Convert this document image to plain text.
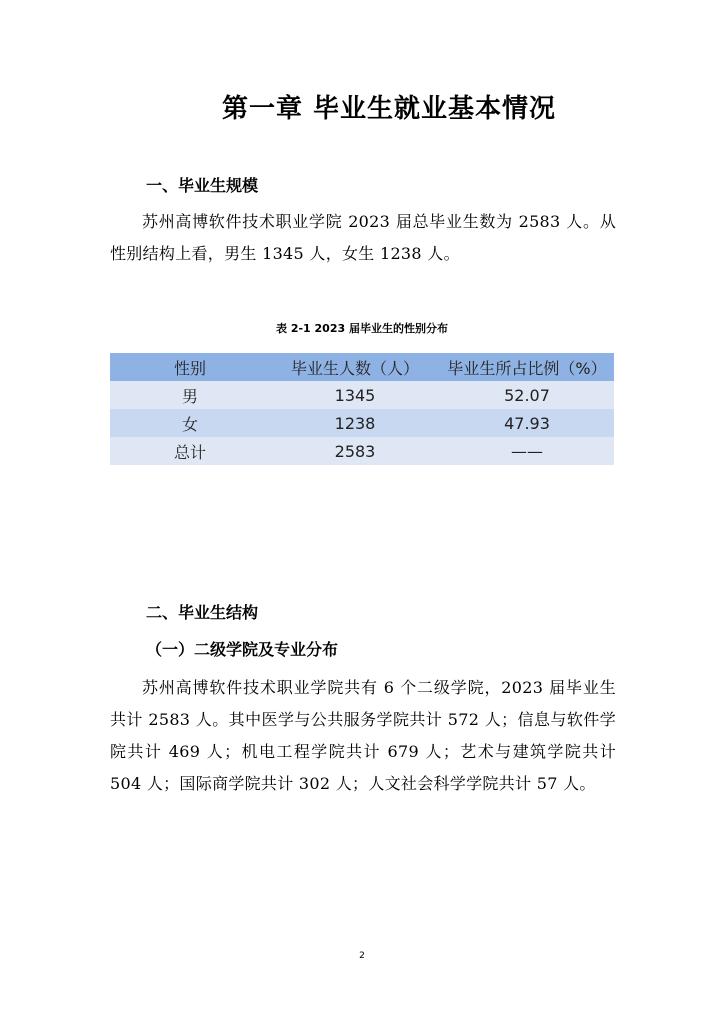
第一章 毕业生就业基本情况
一、毕业生规模
苏州高博软件技术职业学院 2023 届总毕业生数为 2583 人。从性别结构上看，男生 1345 人，女生 1238 人。
表 2-1 2023 届毕业生的性别分布
性别	毕业生人数（人）	毕业生所占比例（%）
男	1345	52.07
女	1238	47.93
总计	2583	——
二、毕业生结构
（一）二级学院及专业分布
苏州高博软件技术职业学院共有 6 个二级学院，2023 届毕业生共计 2583 人。其中医学与公共服务学院共计 572 人；信息与软件学院共计 469 人；机电工程学院共计 679 人；艺术与建筑学院共计 504 人；国际商学院共计 302 人；人文社会科学学院共计 57 人。
2
